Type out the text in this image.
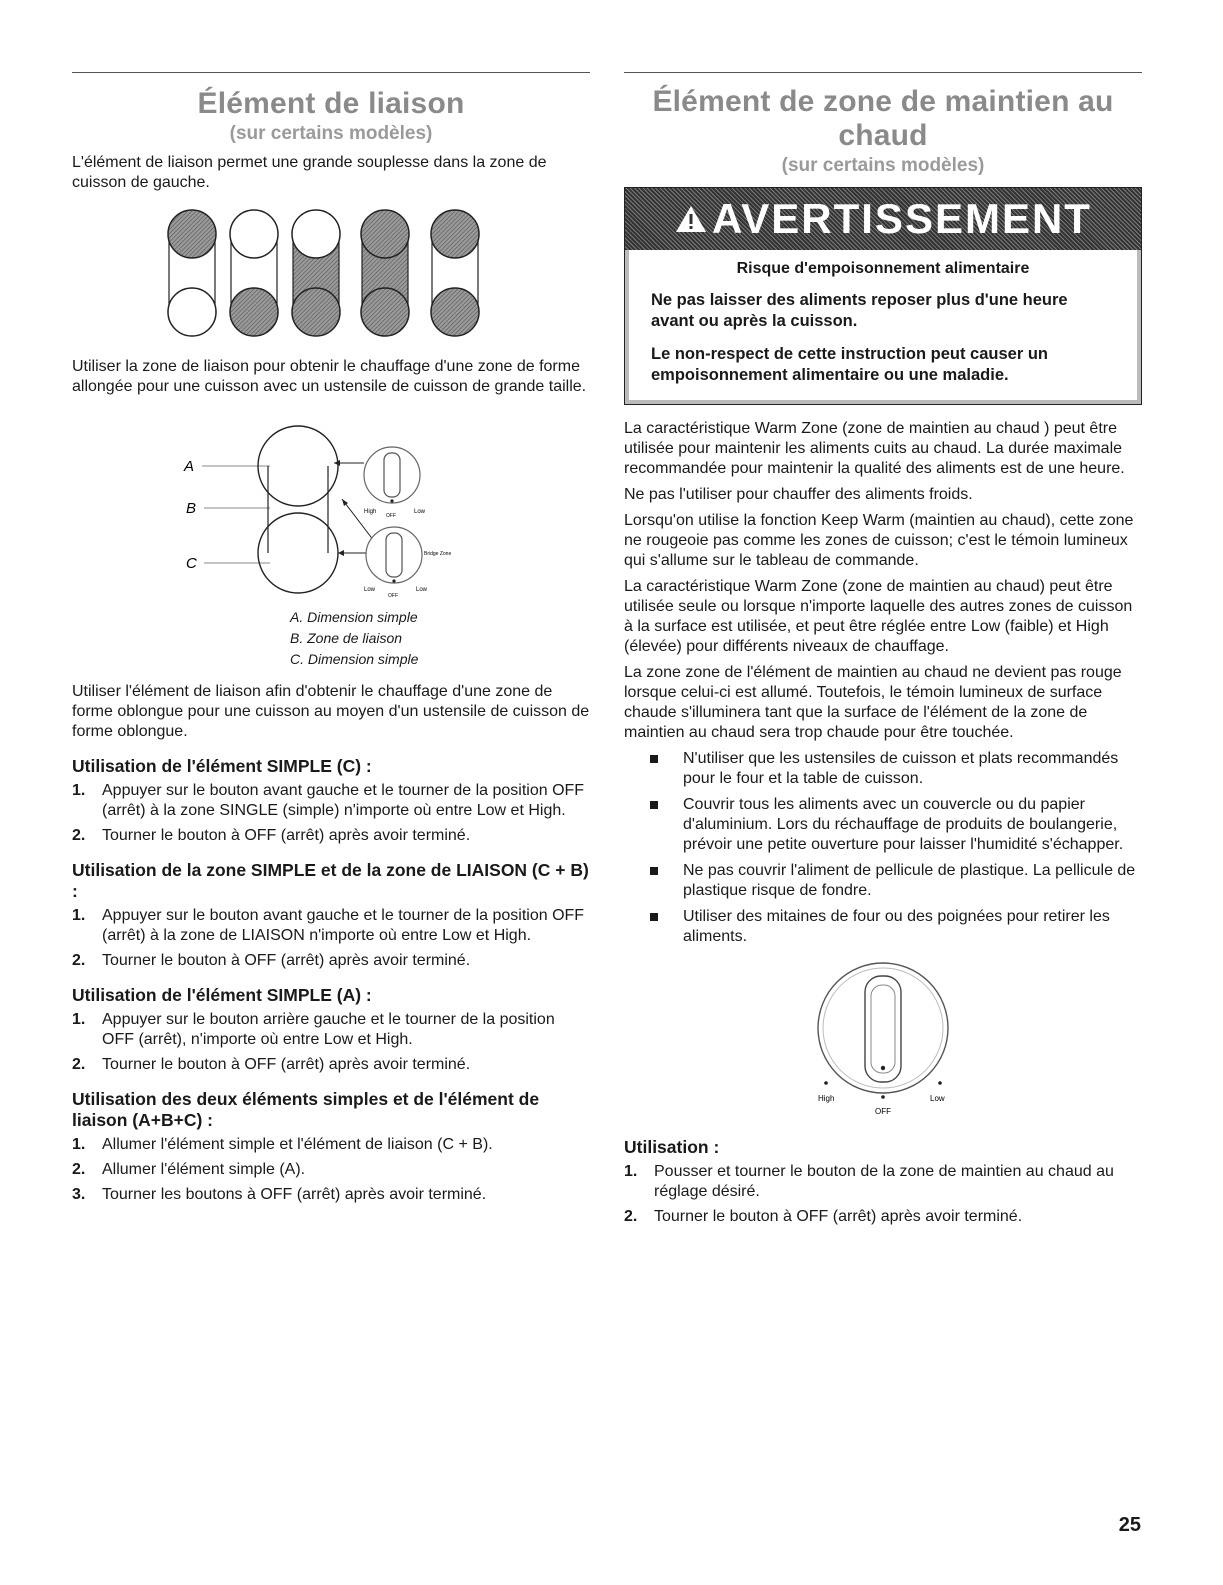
Élément de liaison
(sur certains modèles)

L'élément de liaison permet une grande souplesse dans la zone de cuisson de gauche.

Utiliser la zone de liaison pour obtenir le chauffage d'une zone de forme allongée pour une cuisson avec un ustensile de cuisson de grande taille.

A
B
C
High	Low
OFF
Low	Low
OFF
Bridge Zone
A. Dimension simple
B. Zone de liaison
C. Dimension simple

Utiliser l'élément de liaison afin d'obtenir le chauffage d'une zone de forme oblongue pour une cuisson au moyen d'un ustensile de cuisson de forme oblongue.

Utilisation de l'élément SIMPLE (C) :
1.	Appuyer sur le bouton avant gauche et le tourner de la position OFF (arrêt) à la zone SINGLE (simple) n'importe où entre Low et High.
2.	Tourner le bouton à OFF (arrêt) après avoir terminé.
Utilisation de la zone SIMPLE et de la zone de LIAISON (C + B) :
1.	Appuyer sur le bouton avant gauche et le tourner de la position OFF (arrêt) à la zone de LIAISON n'importe où entre Low et High.
2.	Tourner le bouton à OFF (arrêt) après avoir terminé.
Utilisation de l'élément SIMPLE (A) :
1.	Appuyer sur le bouton arrière gauche et le tourner de la position OFF (arrêt), n'importe où entre Low et High.
2.	Tourner le bouton à OFF (arrêt) après avoir terminé.
Utilisation des deux éléments simples et de l'élément de liaison (A+B+C) :
1.	Allumer l'élément simple et l'élément de liaison (C + B).
2.	Allumer l'élément simple (A).
3.	Tourner les boutons à OFF (arrêt) après avoir terminé.
Élément de zone de maintien au chaud
(sur certains modèles)
AVERTISSEMENT
Risque d'empoisonnement alimentaire
Ne pas laisser des aliments reposer plus d'une heure avant ou après la cuisson.
Le non-respect de cette instruction peut causer un empoisonnement alimentaire ou une maladie.

La caractéristique Warm Zone (zone de maintien au chaud ) peut être utilisée pour maintenir les aliments cuits au chaud. La durée maximale recommandée pour maintenir la qualité des aliments est de une heure.

Ne pas l'utiliser pour chauffer des aliments froids.

Lorsqu'on utilise la fonction Keep Warm (maintien au chaud), cette zone ne rougeoie pas comme les zones de cuisson; c'est le témoin lumineux qui s'allume sur le tableau de commande.

La caractéristique Warm Zone (zone de maintien au chaud) peut être utilisée seule ou lorsque n'importe laquelle des autres zones de cuisson à la surface est utilisée, et peut être réglée entre Low (faible) et High (élevée) pour différents niveaux de chauffage.

La zone zone de l'élément de maintien au chaud ne devient pas rouge lorsque celui-ci est allumé. Toutefois, le témoin lumineux de surface chaude s'illuminera tant que la surface de l'élément de la zone de maintien au chaud sera trop chaude pour être touchée.

N'utiliser que les ustensiles de cuisson et plats recommandés pour le four et la table de cuisson.
Couvrir tous les aliments avec un couvercle ou du papier d'aluminium. Lors du réchauffage de produits de boulangerie, prévoir une petite ouverture pour laisser l'humidité s'échapper.
Ne pas couvrir l'aliment de pellicule de plastique. La pellicule de plastique risque de fondre.
Utiliser des mitaines de four ou des poignées pour retirer les aliments.
High	Low
OFF
Utilisation :
1.	Pousser et tourner le bouton de la zone de maintien au chaud au réglage désiré.
2.	Tourner le bouton à OFF (arrêt) après avoir terminé.
25
